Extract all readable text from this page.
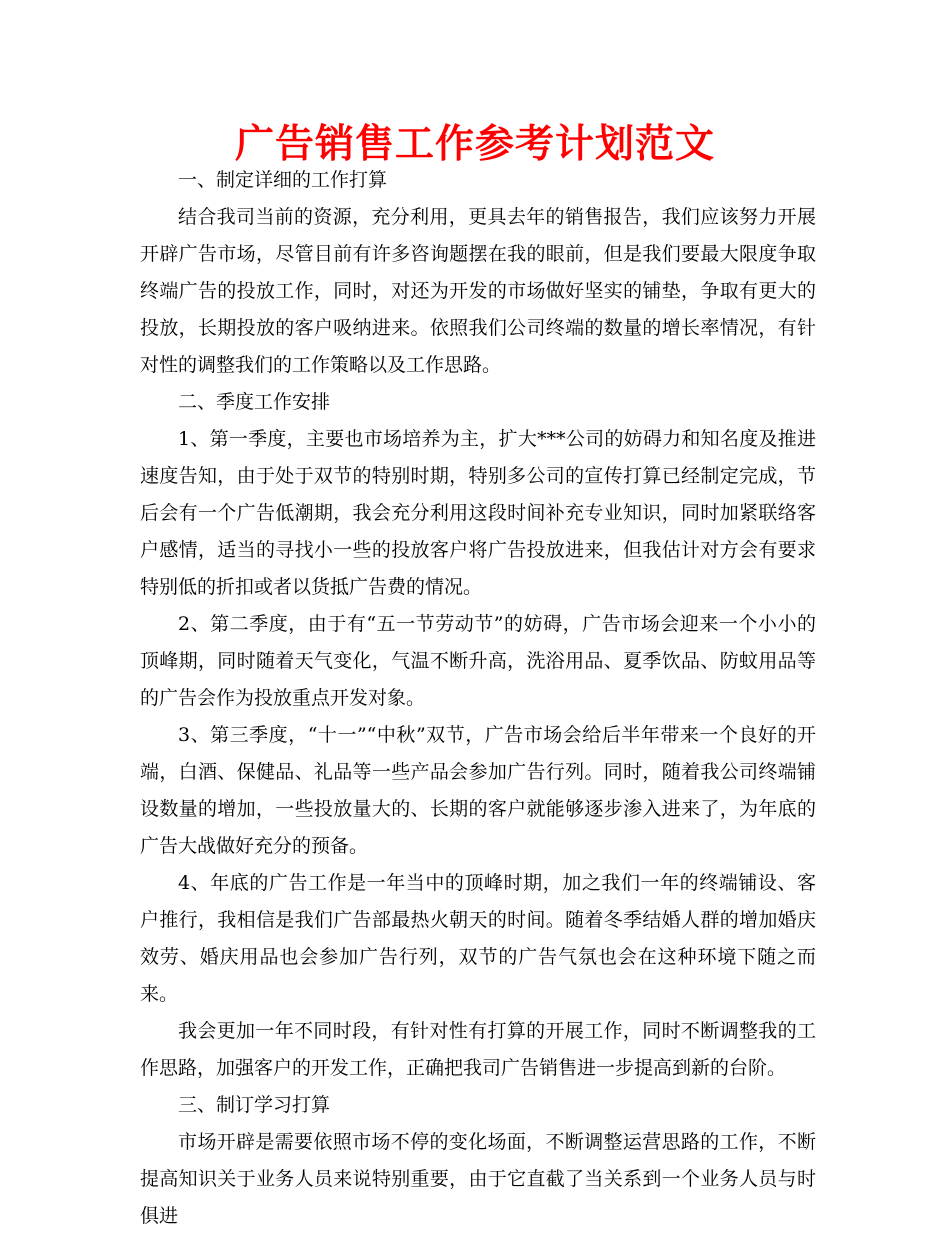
广告销售工作参考计划范文

一、制定详细的工作打算

结合我司当前的资源，充分利用，更具去年的销售报告，我们应该努力开展开辟广告市场，尽管目前有许多咨询题摆在我的眼前，但是我们要最大限度争取终端广告的投放工作，同时，对还为开发的市场做好坚实的铺垫，争取有更大的投放，长期投放的客户吸纳进来。依照我们公司终端的数量的增长率情况，有针对性的调整我们的工作策略以及工作思路。

二、季度工作安排

1、第一季度，主要也市场培养为主，扩大***公司的妨碍力和知名度及推进速度告知，由于处于双节的特别时期，特别多公司的宣传打算已经制定完成，节后会有一个广告低潮期，我会充分利用这段时间补充专业知识，同时加紧联络客户感情，适当的寻找小一些的投放客户将广告投放进来，但我估计对方会有要求特别低的折扣或者以货抵广告费的情况。

2、第二季度，由于有“五一节劳动节”的妨碍，广告市场会迎来一个小小的顶峰期，同时随着天气变化，气温不断升高，洗浴用品、夏季饮品、防蚊用品等的广告会作为投放重点开发对象。

3、第三季度，“十一”“中秋”双节，广告市场会给后半年带来一个良好的开端，白酒、保健品、礼品等一些产品会参加广告行列。同时，随着我公司终端铺设数量的增加，一些投放量大的、长期的客户就能够逐步渗入进来了，为年底的广告大战做好充分的预备。

4、年底的广告工作是一年当中的顶峰时期，加之我们一年的终端铺设、客户推行，我相信是我们广告部最热火朝天的时间。随着冬季结婚人群的增加婚庆效劳、婚庆用品也会参加广告行列，双节的广告气氛也会在这种环境下随之而来。

我会更加一年不同时段，有针对性有打算的开展工作，同时不断调整我的工作思路，加强客户的开发工作，正确把我司广告销售进一步提高到新的台阶。

三、制订学习打算

市场开辟是需要依照市场不停的变化场面，不断调整运营思路的工作，不断提高知识关于业务人员来说特别重要，由于它直截了当关系到一个业务人员与时俱进
